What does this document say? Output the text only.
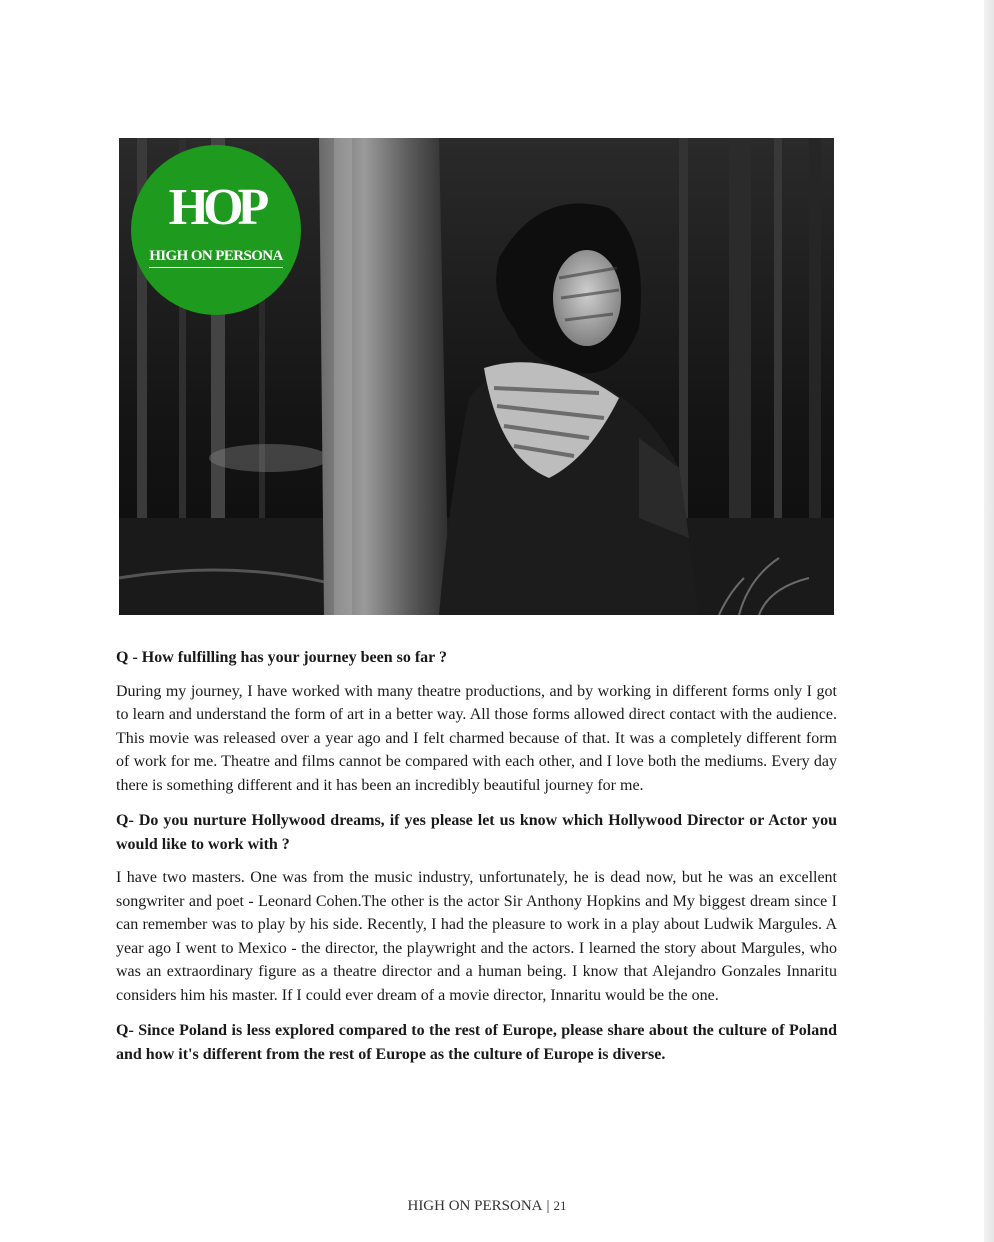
HOP
HIGH ON PERSONA

Q - How fulfilling has your journey been so far ?

During my journey, I have worked with many theatre productions, and by working in different forms only I got to learn and understand the form of art in a better way. All those forms allowed direct contact with the audience. This movie was released over a year ago and I felt charmed because of that. It was a completely different form of work for me. Theatre and films cannot be compared with each other, and I love both the mediums. Every day there is something different and it has been an incredibly beautiful journey for me.

Q- Do you nurture Hollywood dreams, if yes please let us know which Hollywood Director or Actor you would like to work with ?

I have two masters. One was from the music industry, unfortunately, he is dead now, but he was an excellent songwriter and poet - Leonard Cohen.The other is the actor Sir Anthony Hopkins and My biggest dream since I can remember was to play by his side. Recently, I had the pleasure to work in a play about Ludwik Margules. A year ago I went to Mexico - the director, the playwright and the actors. I learned the story about Margules, who was an extraordinary figure as a theatre director and a human being. I know that Alejandro Gonzales Innaritu considers him his master. If I could ever dream of a movie director, Innaritu would be the one.

Q- Since Poland is less explored compared to the rest of Europe, please share about the culture of Poland and how it's different from the rest of Europe as the culture of Europe is diverse.

HIGH ON PERSONA | 21
